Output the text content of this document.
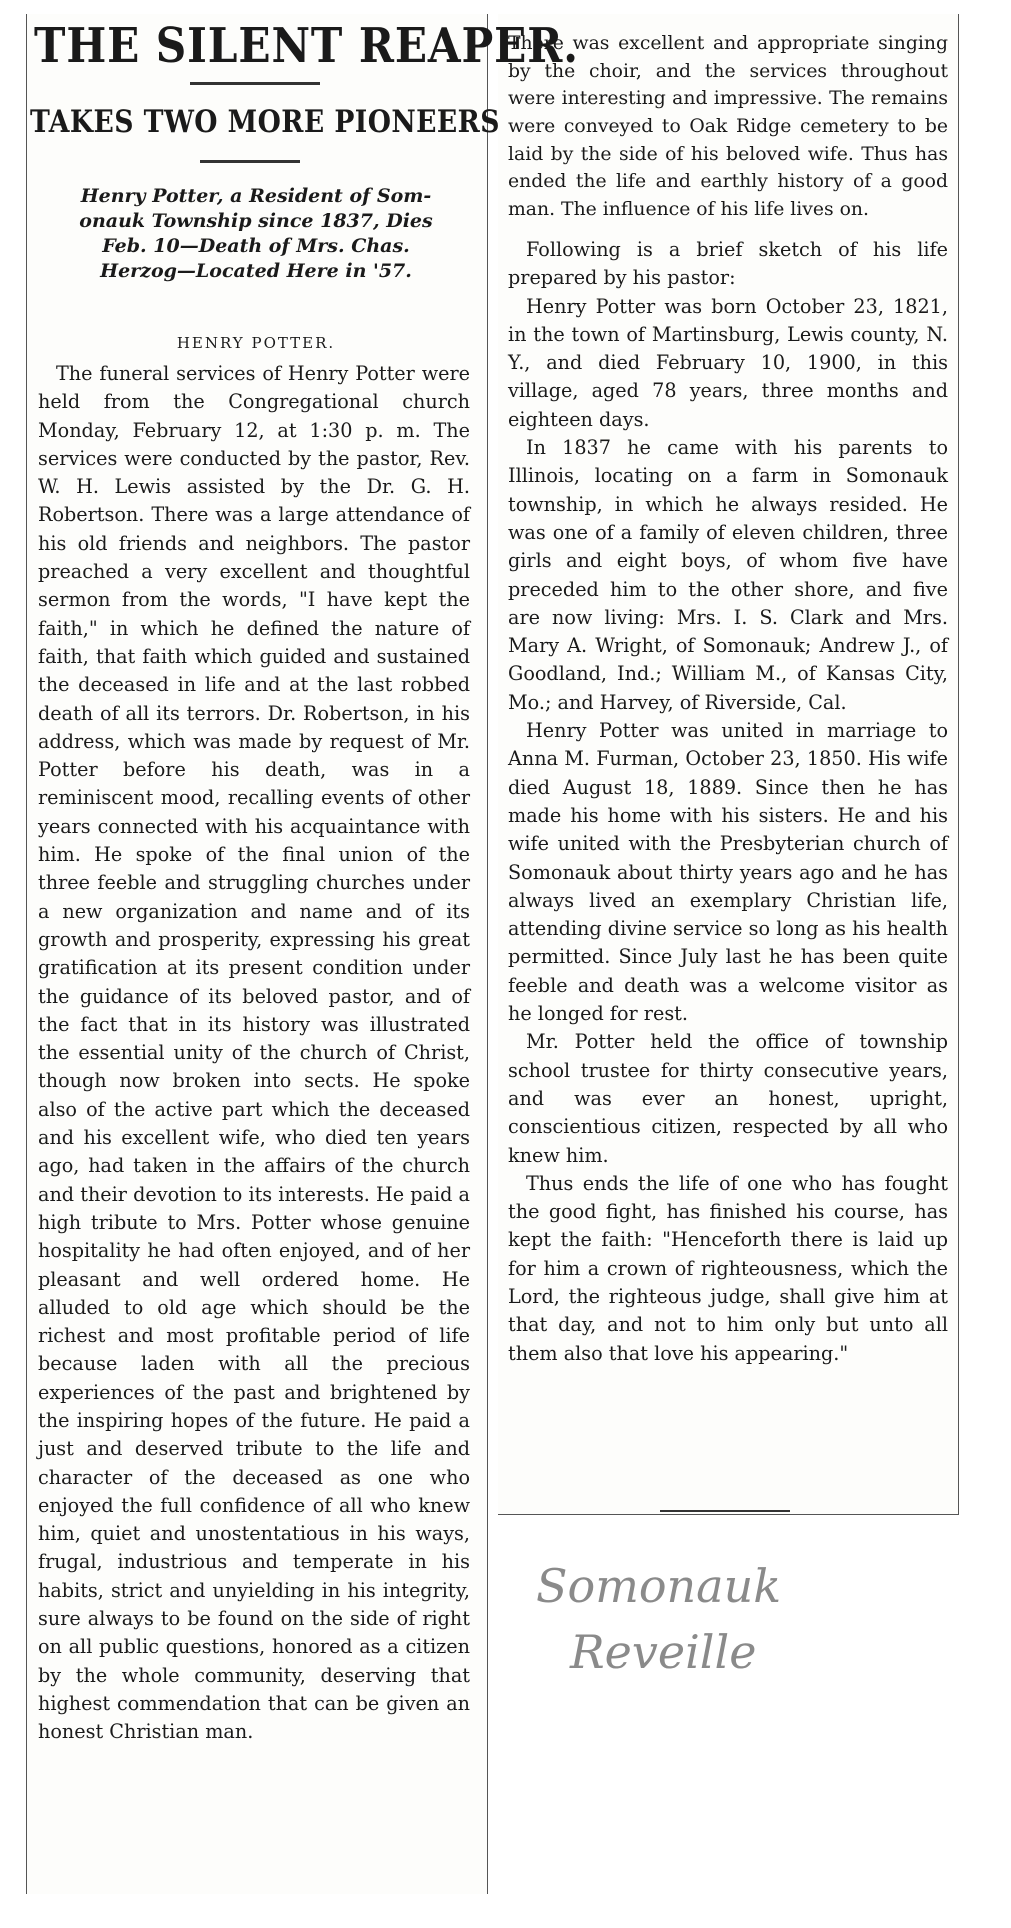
THE SILENT REAPER.
TAKES TWO MORE PIONEERS
Henry Potter, a Resident of Som-
onauk Township since 1837, Dies
Feb. 10—Death of Mrs. Chas.
Herzog—Located Here in '57.
HENRY POTTER.

The funeral services of Henry Potter were held from the Congregational church Monday, February 12, at 1:30 p. m. The services were conducted by the pastor, Rev. W. H. Lewis assisted by the Dr. G. H. Robertson. There was a large attendance of his old friends and neighbors. The pastor preached a very excellent and thoughtful sermon from the words, "I have kept the faith," in which he defined the nature of faith, that faith which guided and sustained the deceased in life and at the last robbed death of all its terrors. Dr. Robertson, in his address, which was made by request of Mr. Potter before his death, was in a reminiscent mood, recalling events of other years connected with his acquaintance with him. He spoke of the final union of the three feeble and struggling churches under a new organization and name and of its growth and prosperity, expressing his great gratification at its present condition under the guidance of its beloved pastor, and of the fact that in its history was illustrated the essential unity of the church of Christ, though now broken into sects. He spoke also of the active part which the deceased and his excellent wife, who died ten years ago, had taken in the affairs of the church and their devotion to its interests. He paid a high tribute to Mrs. Potter whose genuine hospitality he had often enjoyed, and of her pleasant and well ordered home. He alluded to old age which should be the richest and most profitable period of life because laden with all the precious experiences of the past and brightened by the inspiring hopes of the future. He paid a just and deserved tribute to the life and character of the deceased as one who enjoyed the full confidence of all who knew him, quiet and unostentatious in his ways, frugal, industrious and temperate in his habits, strict and unyielding in his integrity, sure always to be found on the side of right on all public questions, honored as a citizen by the whole community, deserving that highest commendation that can be given an honest Christian man.

There was excellent and appropriate singing by the choir, and the services throughout were interesting and impressive. The remains were conveyed to Oak Ridge cemetery to be laid by the side of his beloved wife. Thus has ended the life and earthly history of a good man. The influence of his life lives on.

Following is a brief sketch of his life prepared by his pastor:

Henry Potter was born October 23, 1821, in the town of Martinsburg, Lewis county, N. Y., and died February 10, 1900, in this village, aged 78 years, three months and eighteen days.

In 1837 he came with his parents to Illinois, locating on a farm in Somonauk township, in which he always resided. He was one of a family of eleven children, three girls and eight boys, of whom five have preceded him to the other shore, and five are now living: Mrs. I. S. Clark and Mrs. Mary A. Wright, of Somonauk; Andrew J., of Goodland, Ind.; William M., of Kansas City, Mo.; and Harvey, of Riverside, Cal.

Henry Potter was united in marriage to Anna M. Furman, October 23, 1850. His wife died August 18, 1889. Since then he has made his home with his sisters. He and his wife united with the Presbyterian church of Somonauk about thirty years ago and he has always lived an exemplary Christian life, attending divine service so long as his health permitted. Since July last he has been quite feeble and death was a welcome visitor as he longed for rest.

Mr. Potter held the office of township school trustee for thirty consecutive years, and was ever an honest, upright, conscientious citizen, respected by all who knew him.

Thus ends the life of one who has fought the good fight, has finished his course, has kept the faith: "Henceforth there is laid up for him a crown of righteousness, which the Lord, the righteous judge, shall give him at that day, and not to him only but unto all them also that love his appearing."

Somonauk
Reveille
